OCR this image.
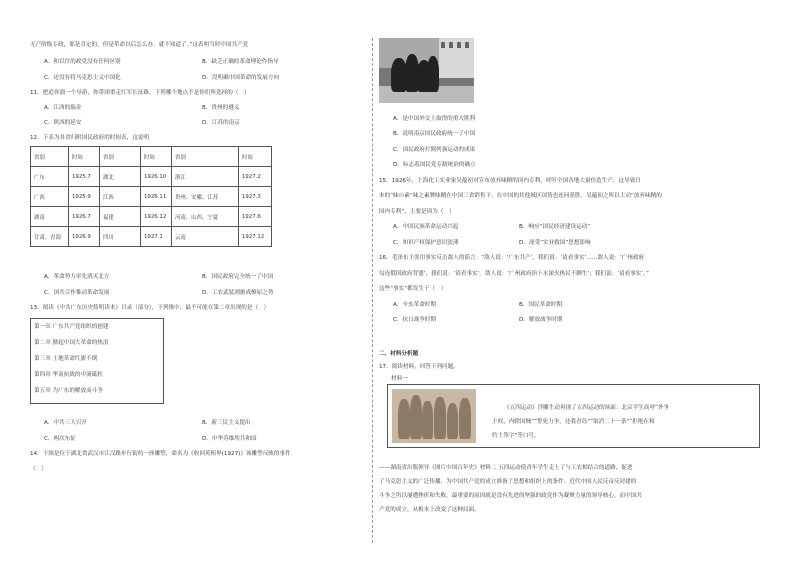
无产阶级专政，那是肯定的，但是革命以后怎么办，就不知道了。”这表明当时中国共产党
A．和以往的政党没有任何区别	B．缺乏正确的革命理论作指导
C．还没有将马克思主义中国化	D．没明确中国革命的发展方向
11．把追你溜一个导游，你带团重走红军长征路，下列哪个地点不是你们所选择的（　）
A．江西的瑞金	B．贵州的遵义
C．陕西的延安	D．江苏的南京
12．下表为各省归附国民政府的时间表，这说明
省别	时间	省别	时间	省别	时间
广东	1925.7	湖北	1926.10	浙江	1927.2
广西	1925.9	江西	1926.11	贵州、安徽、江苏	1927.3
湖南	1926.7	福建	1926.12	河南、山西、宁夏	1927.6
甘肃、青海	1926.9	四川	1927.1	云南	1927.12
A．革命势力率先消灭北方	B．国民政府完全统一了中国
C．国共合作推动革命发展	D．工农武装割据成燎原之势
13．阅读《中共广东历史简明读本》目录（部分），下列推中，最不可能在第二章出现的是（　）
第一章 广东共产党组织的创建
第二章 掀起中国大革命的热浪
第三章 土地革命红旗不倒
第四章 华南抗战的中流砥柱
第五章 为广东的解放而斗争
A．中共三大召开	B．新三民主义提出
C．两次东征	D．中华苏维埃共和国
14．下图是位于湖北省武汉市江汉路步行街的一座雕塑，命名为《收回英租界(1927)》该雕塑反映的事件
（　）
A．是中国外交上取得的重大胜利
B．说明南京国民政府统一了中国
C．国民政府打倒列强运动的成果
D．标志着国民党专制统治的确立
15．1926年，上海化工实业家吴蕴初对宣布放弃味精的国内专利，呼吁全国各地大量仿造生产，这导致日
本的“味の素”味之素牌味精在中国三省销售下，在中国的其他域区国货也连同获胜。吴蕴初之所以主动“放弃味精的
国内专利”，主要是因为（　）
A．中国民族革命运动兴起	B．响应“国民经济建设运动”
C．知识产权保护意识淡薄	D．深受“实业救国”思想影响
16．毛泽东主张用事实反击敌人的谣言：“敌人说：‘广东共产’，我们说：‘请看事实’……敌人说：‘广州政府
勾连俄国政府背盟’，我们说：‘请看事实’。敌人说：‘广州政府治下水深火热民不聊生’；我们说：‘请看事实’。”
这些“事实”都发生于（　）
A．辛亥革命时期	B．国民革命时期
C．抗日战争时期	D．解放战争时期
二、材料分析题
17．阅读材料，回答下列问题。
材料一
《五四运动》浮雕生动再现了五四运动的场面：北京学生高呼“外争
主权，内除国贼”“誓死力争，还我青岛”“取消二十一条”“拒绝在和
约上签字”等口号。
——湖南省出版领导《图片中国百年史》材料二 五四运动使青年学生走上了与工农相结合的道路，促进
了马克思主义的广泛传播，为中国共产党的成立准备了思想和组织上的条件。近代中国人民反帝反封建的
斗争之所以屡遭挫折和失败，最重要的原因就是没有先进的坚强的政党作为凝聚力量的领导核心。而中国共
产党的成立，从根本上改变了这种局面。
